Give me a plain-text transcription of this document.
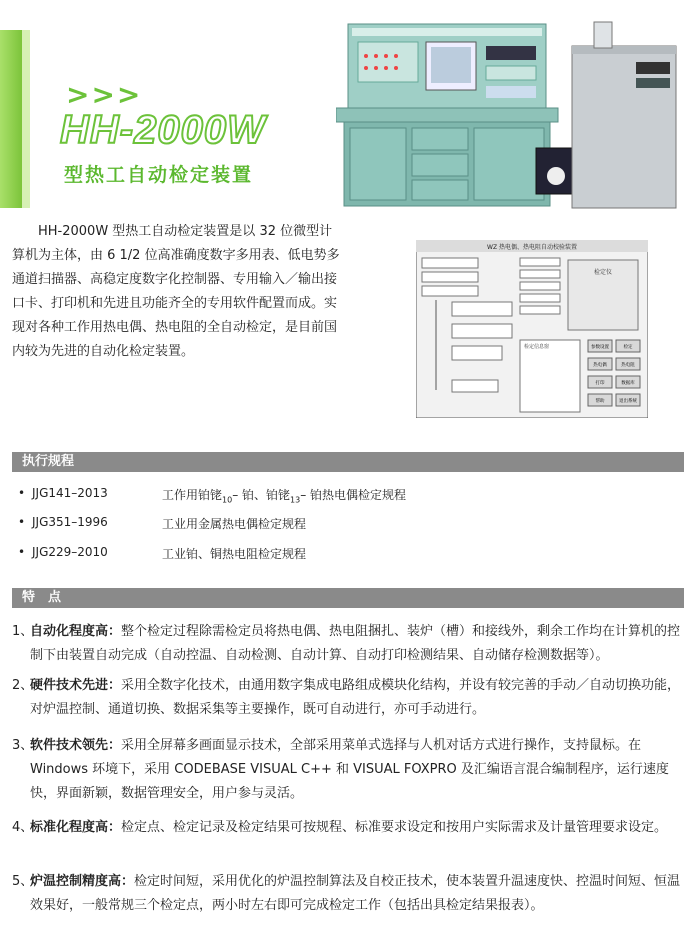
>>>
HH-2000W
型热工自动检定装置

HH-2000W 型热工自动检定装置是以 32 位微型计算机为主体，由 6 1/2 位高准确度数字多用表、低电势多通道扫描器、高稳定度数字化控制器、专用输入／输出接口卡、打印机和先进且功能齐全的专用软件配置而成。实现对各种工作用热电偶、热电阻的全自动检定，是目前国内较为先进的自动化检定装置。

WZ 热电偶、热电阻自动校验装置
检定仪
检定信息窗	参数设置	检定
热电偶	热电阻
打印	数据库
帮助	退出系统
执行规程
• JJG141–2013	工作用铂铑$_{10}$– 铂、铂铑$_{13}$– 铂热电偶检定规程
• JJG351–1996	工业用金属热电偶检定规程
• JJG229–2010	工业铂、铜热电阻检定规程
特　点
1、
自动化程度高：整个检定过程除需检定员将热电偶、热电阻捆扎、装炉（槽）和接线外，剩余工作均在计算机的控制下由装置自动完成（自动控温、自动检测、自动计算、自动打印检测结果、自动储存检测数据等）。
2、
硬件技术先进：采用全数字化技术，由通用数字集成电路组成模块化结构，并设有较完善的手动／自动切换功能，对炉温控制、通道切换、数据采集等主要操作，既可自动进行，亦可手动进行。
3、
软件技术领先：采用全屏幕多画面显示技术，全部采用菜单式选择与人机对话方式进行操作，支持鼠标。在 Windows 环境下，采用 CODEBASE VISUAL C++ 和 VISUAL FOXPRO 及汇编语言混合编制程序，运行速度快，界面新颖，数据管理安全，用户参与灵活。
4、
标准化程度高：检定点、检定记录及检定结果可按规程、标准要求设定和按用户实际需求及计量管理要求设定。
5、
炉温控制精度高：检定时间短，采用优化的炉温控制算法及自校正技术，使本装置升温速度快、控温时间短、恒温效果好，一般常规三个检定点，两小时左右即可完成检定工作（包括出具检定结果报表）。
